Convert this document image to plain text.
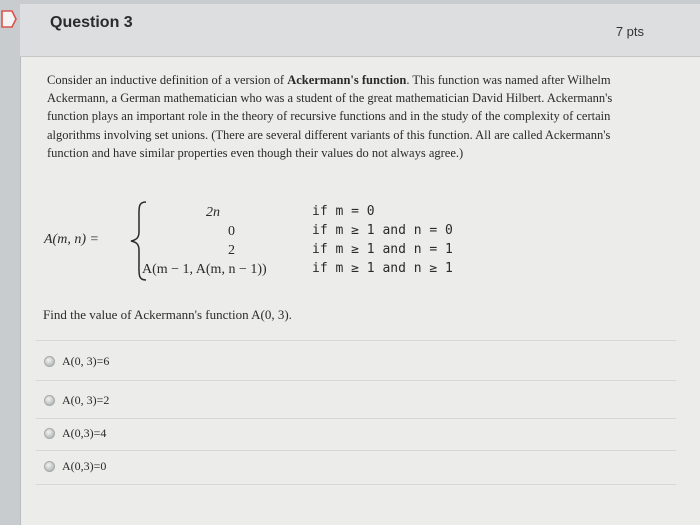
Question 3
7 pts
Consider an inductive definition of a version of Ackermann's function. This function was named after Wilhelm Ackermann, a German mathematician who was a student of the great mathematician David Hilbert. Ackermann's function plays an important role in the theory of recursive functions and in the study of the complexity of certain algorithms involving set unions. (There are several different variants of this function. All are called Ackermann's function and have similar properties even though their values do not always agree.)
A(m, n) =
2n
0
2
A(m − 1, A(m, n − 1))
if m = 0
if m ≥ 1 and n = 0
if m ≥ 1 and n = 1
if m ≥ 1 and n ≥ 1
Find the value of Ackermann's function A(0, 3).
A(0, 3)=6
A(0, 3)=2
A(0,3)=4
A(0,3)=0
